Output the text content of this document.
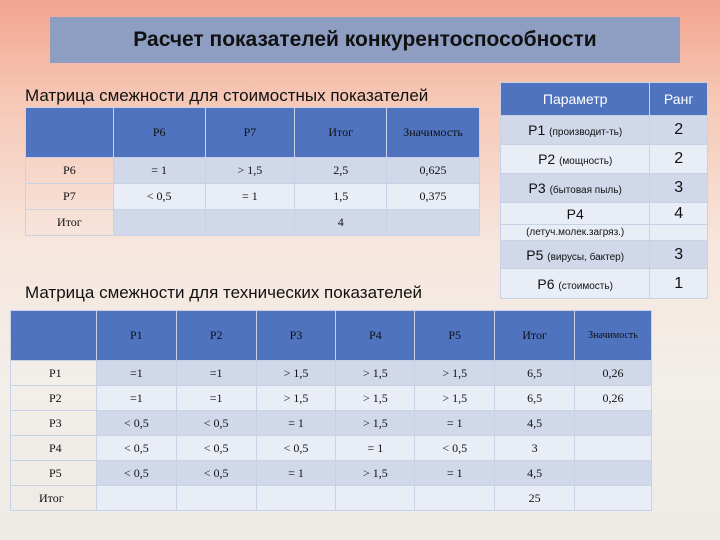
Расчет показателей конкурентоспособности
Матрица смежности для стоимостных показателей
	Р6	Р7	Итог	Значимость
Р6	= 1	> 1,5	2,5	0,625
Р7	< 0,5	= 1	1,5	0,375
Итог			4	
Параметр	Ранг
Р1 (производит-ть)	2
Р2 (мощность)	2
Р3 (бытовая пыль)	3
Р4	4
(летуч.молек.загряз.)	
Р5 (вирусы, бактер)	3
Р6 (стоимость)	1
Матрица смежности для технических показателей
	Р1	Р2	Р3	Р4	Р5	Итог	Значимость
Р1	=1	=1	> 1,5	> 1,5	> 1,5	6,5	0,26
Р2	=1	=1	> 1,5	> 1,5	> 1,5	6,5	0,26
Р3	< 0,5	< 0,5	= 1	> 1,5	= 1	4,5	
Р4	< 0,5	< 0,5	< 0,5	= 1	< 0,5	3	
Р5	< 0,5	< 0,5	= 1	> 1,5	= 1	4,5	
Итог						25	
